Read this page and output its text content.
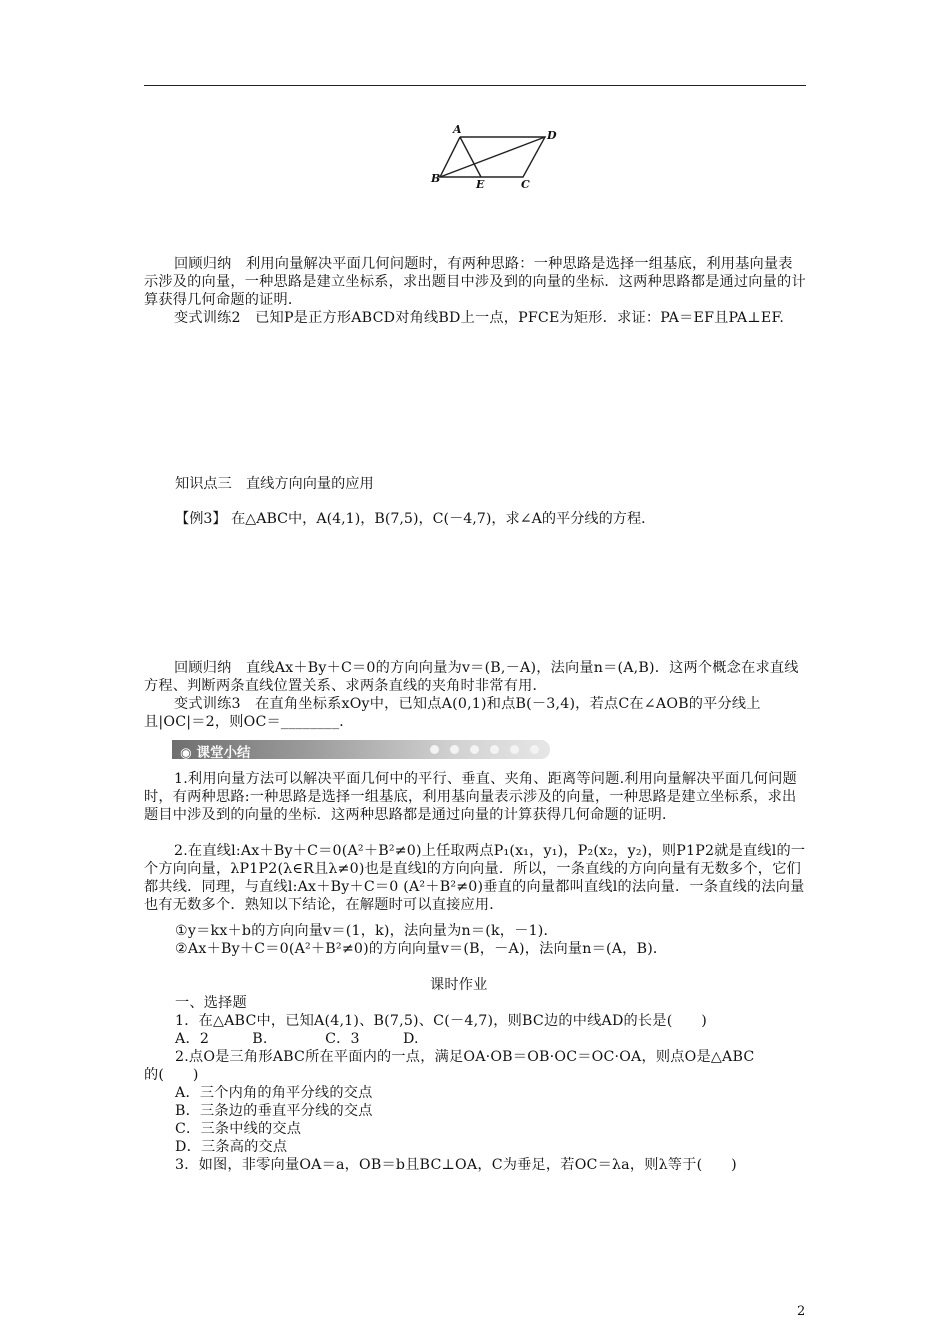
A	D
B	E	C
回顾归纳　利用向量解决平面几何问题时，有两种思路：一种思路是选择一组基底，利用基向量表示涉及的向量，一种思路是建立坐标系，求出题目中涉及到的向量的坐标．这两种思路都是通过向量的计算获得几何命题的证明．
变式训练2　已知P是正方形ABCD对角线BD上一点，PFCE为矩形．求证：PA＝EF且PA⊥EF.
知识点三　直线方向向量的应用
【例3】 在△ABC中，A(4,1)，B(7,5)，C(－4,7)，求∠A的平分线的方程．
回顾归纳　直线Ax＋By＋C＝0的方向向量为v＝(B,－A)，法向量n＝(A,B)．这两个概念在求直线方程、判断两条直线位置关系、求两条直线的夹角时非常有用．
变式训练3　在直角坐标系xOy中，已知点A(0,1)和点B(－3,4)，若点C在∠AOB的平分线上且|OC|＝2，则OC＝________．
◉ 课堂小结
1.利用向量方法可以解决平面几何中的平行、垂直、夹角、距离等问题.利用向量解决平面几何问题时，有两种思路:一种思路是选择一组基底，利用基向量表示涉及的向量，一种思路是建立坐标系，求出题目中涉及到的向量的坐标．这两种思路都是通过向量的计算获得几何命题的证明．
2.在直线l:Ax＋By＋C＝0(A²＋B²≠0)上任取两点P₁(x₁，y₁)，P₂(x₂，y₂)，则P1P2就是直线l的一个方向向量，λP1P2(λ∈R且λ≠0)也是直线l的方向向量．所以，一条直线的方向向量有无数多个，它们都共线．同理，与直线l:Ax＋By＋C＝0 (A²＋B²≠0)垂直的向量都叫直线l的法向量．一条直线的法向量也有无数多个．熟知以下结论，在解题时可以直接应用．
①y＝kx＋b的方向向量v＝(1，k)，法向量为n＝(k，－1)．
②Ax＋By＋C＝0(A²＋B²≠0)的方向向量v＝(B，－A)，法向量n＝(A，B)．
课时作业
一、选择题
1．在△ABC中，已知A(4,1)、B(7,5)、C(－4,7)，则BC边的中线AD的长是(　　)
A．2　　　B.　　　　C．3　　　D.
2.点O是三角形ABC所在平面内的一点，满足OA·OB＝OB·OC＝OC·OA，则点O是△ABC
的(　　)
A．三个内角的角平分线的交点
B．三条边的垂直平分线的交点
C．三条中线的交点
D．三条高的交点
3．如图，非零向量OA＝a，OB＝b且BC⊥OA，C为垂足，若OC＝λa，则λ等于(　　)
2
